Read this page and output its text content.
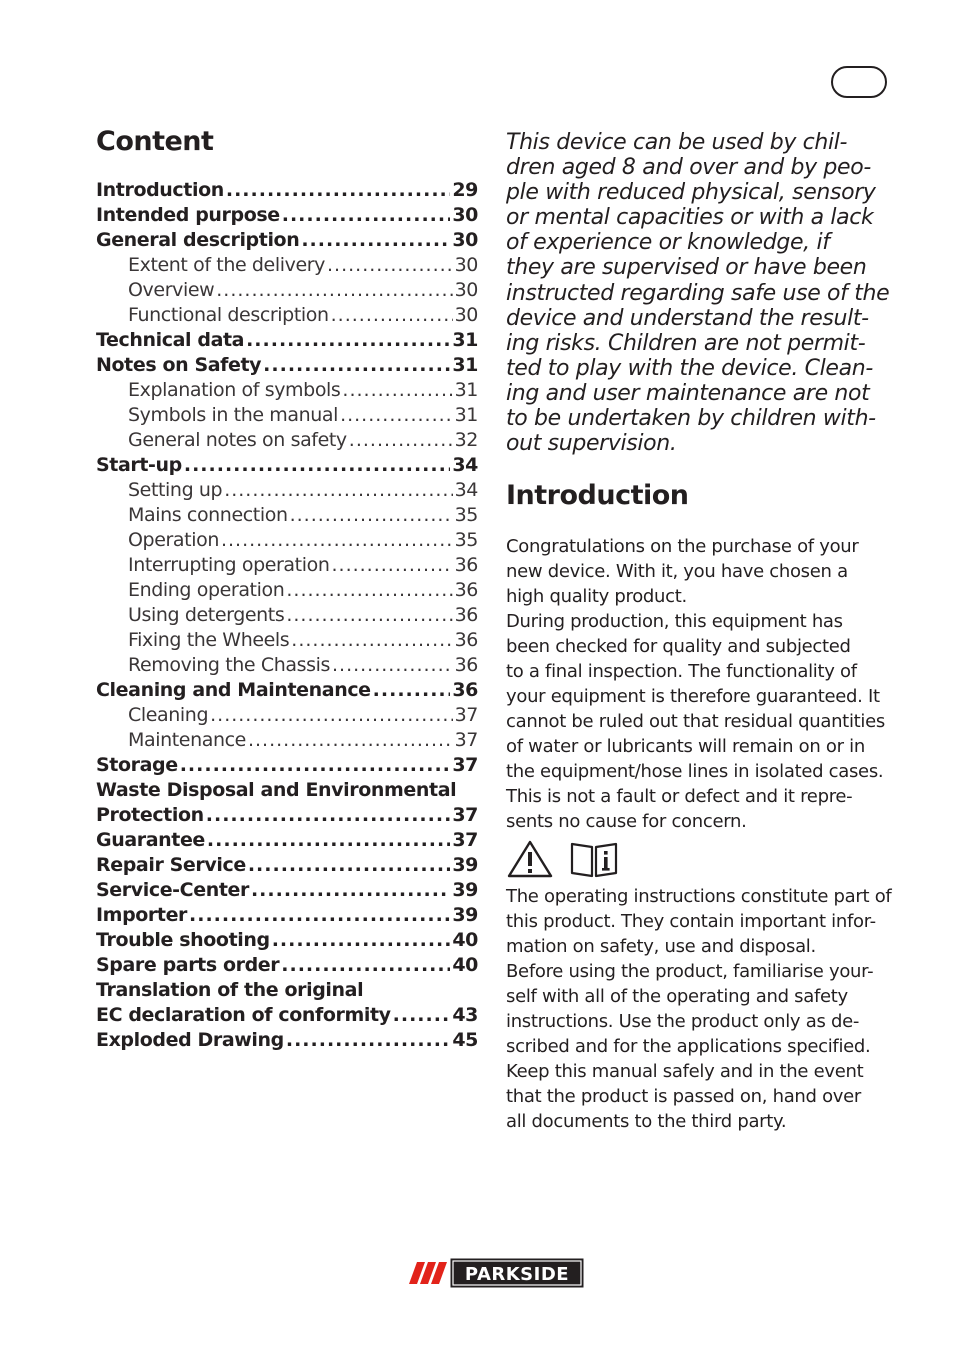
Content
Introduction .....	29
Intended purpose .....	30
General description .....	30
Extent of the delivery .....	30
Overview .....	30
Functional description .....	30
Technical data .....	31
Notes on Safety .....	31
Explanation of symbols .....	31
Symbols in the manual .....	31
General notes on safety .....	32
Start-up .....	34
Setting up .....	34
Mains connection .....	35
Operation .....	35
Interrupting operation .....	36
Ending operation .....	36
Using detergents .....	36
Fixing the Wheels .....	36
Removing the Chassis .....	36
Cleaning and Maintenance .....	36
Cleaning .....	37
Maintenance .....	37
Storage .....	37
Waste Disposal and Environmental
Protection .....	37
Guarantee .....	37
Repair Service .....	39
Service-Center .....	39
Importer .....	39
Trouble shooting .....	40
Spare parts order .....	40
Translation of the original
EC declaration of conformity .....	43
Exploded Drawing .....	45
This device can be used by chil-
dren aged 8 and over and by peo-
ple with reduced physical, sensory
or mental capacities or with a lack
of experience or knowledge, if
they are supervised or have been
instructed regarding safe use of the
device and understand the result-
ing risks. Children are not permit-
ted to play with the device. Clean-
ing and user maintenance are not
to be undertaken by children with-
out supervision.
Introduction
Congratulations on the purchase of your
new device. With it, you have chosen a
high quality product.
During production, this equipment has
been checked for quality and subjected
to a final inspection. The functionality of
your equipment is therefore guaranteed. It
cannot be ruled out that residual quantities
of water or lubricants will remain on or in
the equipment/hose lines in isolated cases.
This is not a fault or defect and it repre-
sents no cause for concern.
The operating instructions constitute part of
this product. They contain important infor-
mation on safety, use and disposal.
Before using the product, familiarise your-
self with all of the operating and safety
instructions. Use the product only as de-
scribed and for the applications specified.
Keep this manual safely and in the event
that the product is passed on, hand over
all documents to the third party.
PARKSIDE
